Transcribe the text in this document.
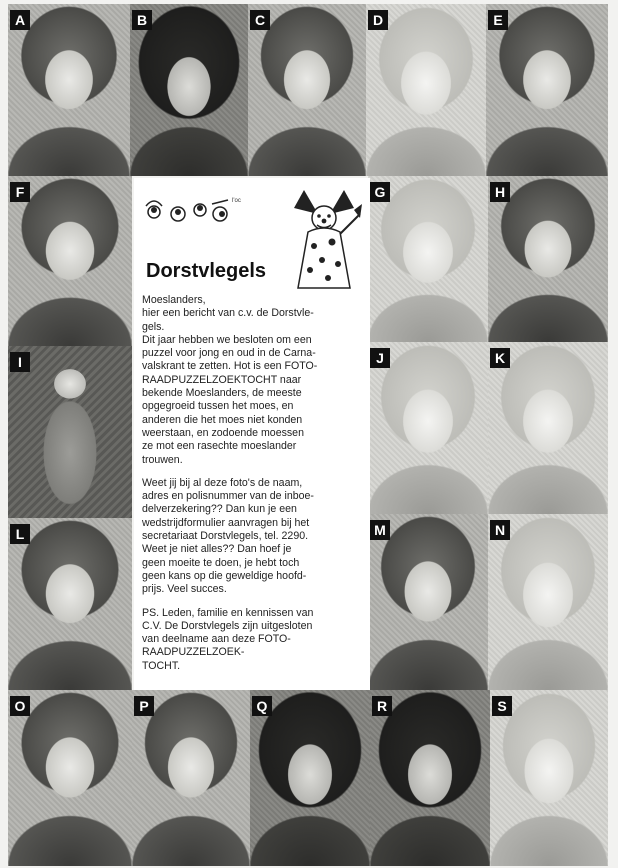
A	B	C	D	E
F	G	H
I	J	K
L	M	N
O	P	Q	R	S
l'oc
Dorstvlegels

Moeslanders,
hier een bericht van c.v. de Dorstvle-
gels.
Dit jaar hebben we besloten om een
puzzel voor jong en oud in de Carna-
valskrant te zetten. Hot is een FOTO-
RAADPUZZELZOEKTOCHT naar
bekende Moeslanders, de meeste
opgegroeid tussen het moes, en
anderen die het moes niet konden
weerstaan, en zodoende moessen
ze mot een rasechte moeslander
trouwen.

Weet jij bij al deze foto's de naam,
adres en polisnummer van de inboe-
delverzekering?? Dan kun je een
wedstrijdformulier aanvragen bij het
secretariaat Dorstvlegels, tel. 2290.
Weet je niet alles?? Dan hoef je
geen moeite te doen, je hebt toch
geen kans op die geweldige hoofd-
prijs. Veel succes.

PS. Leden, familie en kennissen van
C.V. De Dorstvlegels zijn uitgesloten
van deelname aan deze FOTO-
RAADPUZZELZOEK-
TOCHT.
